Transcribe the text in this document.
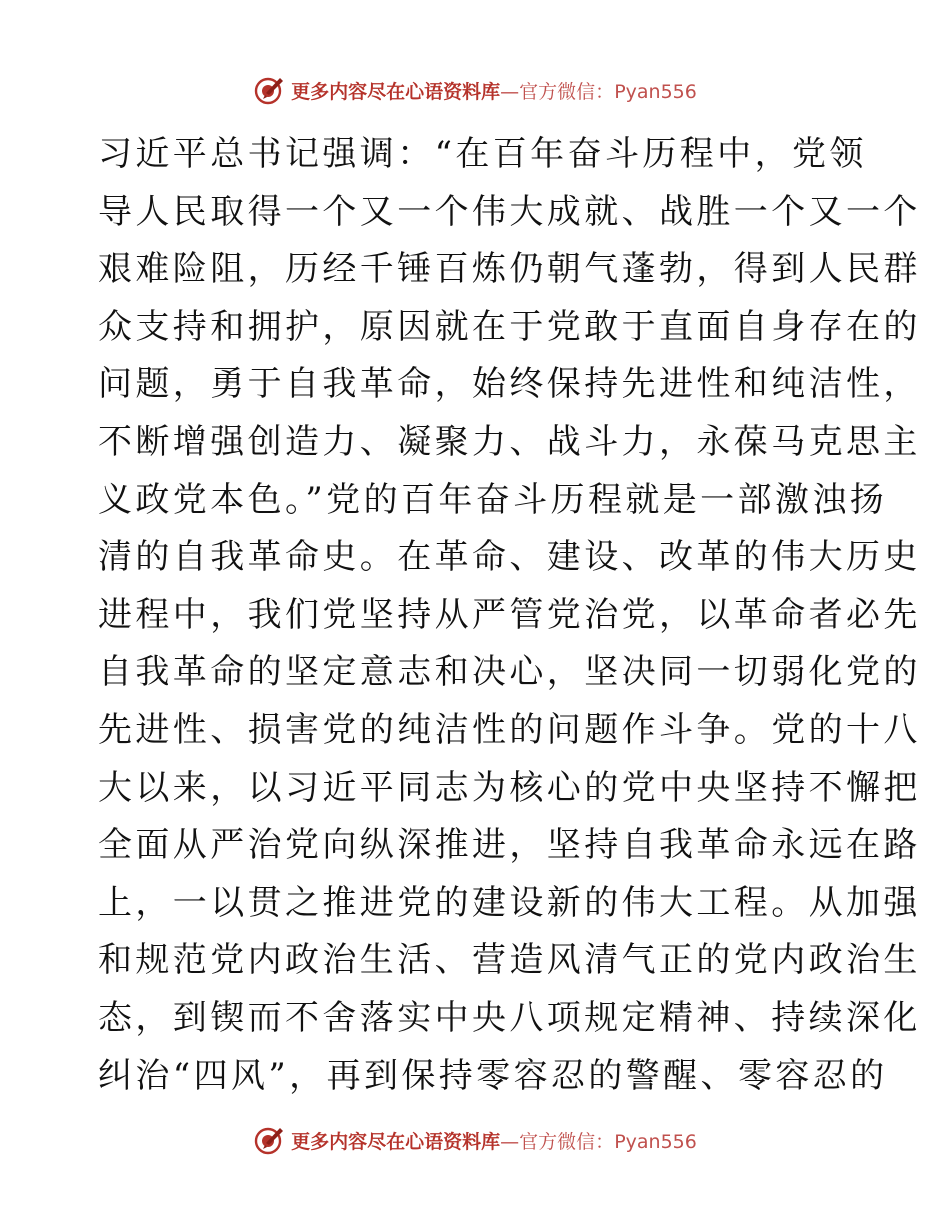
更多内容尽在心语资料库—官方微信：Pyan556
习近平总书记强调：“在百年奋斗历程中，党领
导人民取得一个又一个伟大成就、战胜一个又一个
艰难险阻，历经千锤百炼仍朝气蓬勃，得到人民群
众支持和拥护，原因就在于党敢于直面自身存在的
问题，勇于自我革命，始终保持先进性和纯洁性，
不断增强创造力、凝聚力、战斗力，永葆马克思主
义政党本色。”党的百年奋斗历程就是一部激浊扬
清的自我革命史。在革命、建设、改革的伟大历史
进程中，我们党坚持从严管党治党，以革命者必先
自我革命的坚定意志和决心，坚决同一切弱化党的
先进性、损害党的纯洁性的问题作斗争。党的十八
大以来，以习近平同志为核心的党中央坚持不懈把
全面从严治党向纵深推进，坚持自我革命永远在路
上，一以贯之推进党的建设新的伟大工程。从加强
和规范党内政治生活、营造风清气正的党内政治生
态，到锲而不舍落实中央八项规定精神、持续深化
纠治“四风”，再到保持零容忍的警醒、零容忍的
更多内容尽在心语资料库—官方微信：Pyan556
